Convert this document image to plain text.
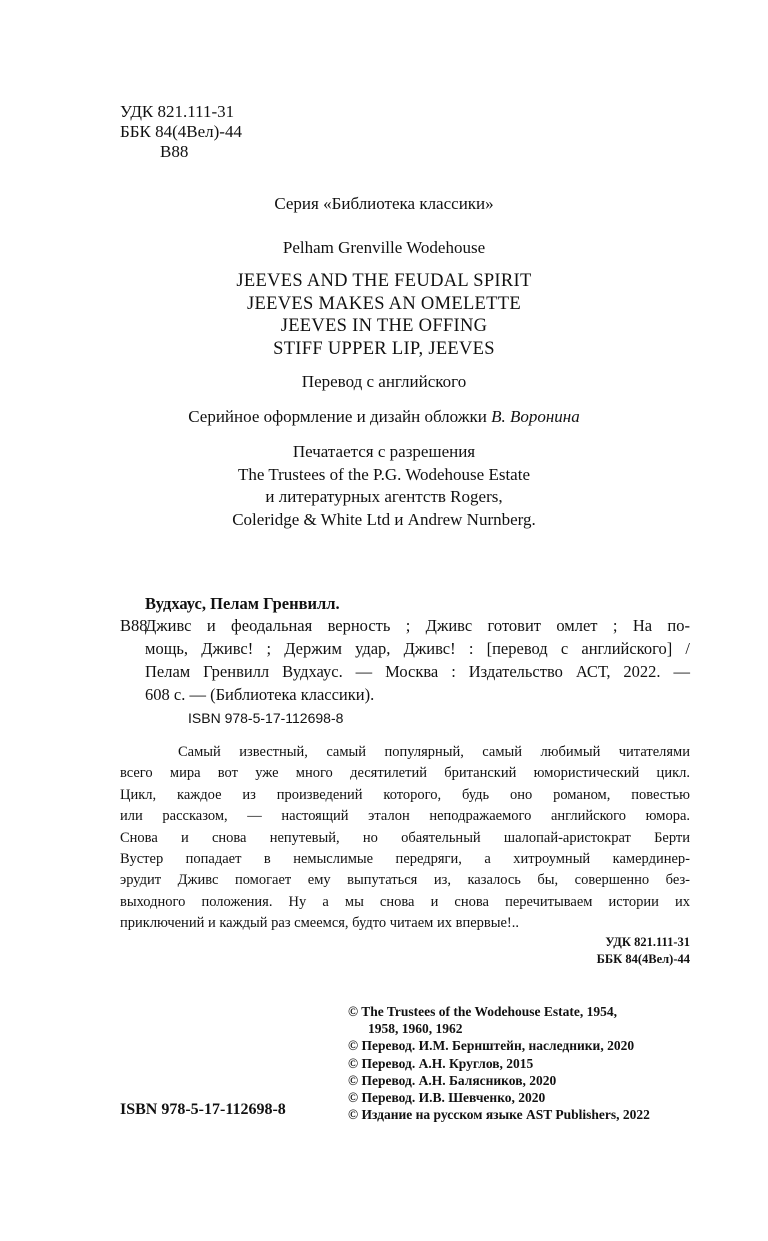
УДК 821.111-31
ББК 84(4Вел)-44
В88
Серия «Библиотека классики»
Pelham Grenville Wodehouse
JEEVES AND THE FEUDAL SPIRIT
JEEVES MAKES AN OMELETTE
JEEVES IN THE OFFING
STIFF UPPER LIP, JEEVES
Перевод с английского
Серийное оформление и дизайн обложки В. Воронина
Печатается с разрешения
The Trustees of the P.G. Wodehouse Estate
и литературных агентств Rogers,
Coleridge & White Ltd и Andrew Nurnberg.
Вудхаус, Пелам Гренвилл.
В88
Дживс и феодальная верность ; Дживс готовит омлет ; На по-
мощь, Дживс! ; Держим удар, Дживс! : [перевод с английского] /
Пелам Гренвилл Вудхаус. — Москва : Издательство АСТ, 2022. —
608 с. — (Библиотека классики).
ISBN 978-5-17-112698-8
Самый известный, самый популярный, самый любимый читателями
всего мира вот уже много десятилетий британский юмористический цикл.
Цикл, каждое из произведений которого, будь оно романом, повестью
или рассказом, — настоящий эталон неподражаемого английского юмора.
Снова и снова непутевый, но обаятельный шалопай-аристократ Берти
Вустер попадает в немыслимые передряги, а хитроумный камердинер-
эрудит Дживс помогает ему выпутаться из, казалось бы, совершенно без-
выходного положения. Ну а мы снова и снова перечитываем истории их
приключений и каждый раз смеемся, будто читаем их впервые!..
УДК 821.111-31
ББК 84(4Вел)-44
© The Trustees of the Wodehouse Estate, 1954,
1958, 1960, 1962
© Перевод. И.М. Бернштейн, наследники, 2020
© Перевод. А.Н. Круглов, 2015
© Перевод. А.Н. Балясников, 2020
© Перевод. И.В. Шевченко, 2020
© Издание на русском языке AST Publishers, 2022
ISBN 978-5-17-112698-8
